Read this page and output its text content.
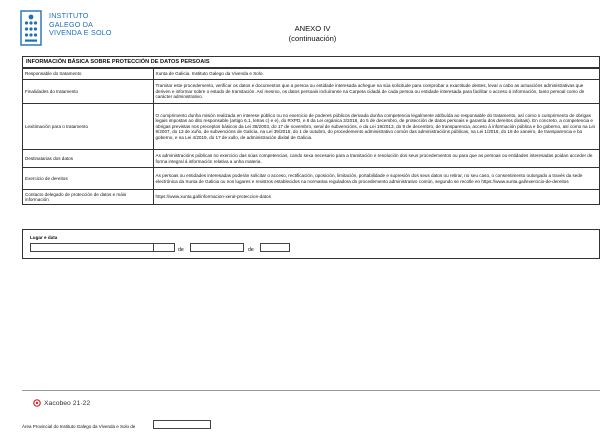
INSTITUTO
GALEGO DA
VIVENDA E SOLO	ANEXO IV
(continuación)
INFORMACIÓN BÁSICA SOBRE PROTECCIÓN DE DATOS PERSOAIS
Responsable do tratamento	Xunta de Galicia. Instituto Galego da Vivenda e Solo.
Finalidades do tratamento	Tramitar este procedemento, verificar os datos e documentos que a persoa ou entidade interesada achegue na súa solicitude para comprobar a exactitude destes, levar a cabo as actuacións administrativas que deriven e informar sobre o estado de tramitación. Así mesmo, os datos persoais incluíranse na Carpeta cidadá de cada persoa ou entidade interesada para facilitar o acceso á información, tanto persoal como de carácter administrativo.
Lexitimación para o tratamento	O cumprimento dunha misión realizada en interese público ou no exercicio de poderes públicos derivada dunha competencia legalmente atribuída ao responsable do tratamento, así como o cumprimento de obrigas legais impostas ao dito responsable (artigo 6.1, letras c) e e), do RXPD, e 8 da Lei orgánica 3/2018, do 5 de decembro, de protección de datos persoais e garantía dos dereitos dixitais). En concreto, a competencia e obrigas previstas nos preceptos básicos da Lei 38/2003, do 17 de novembro, xeral de subvencións, e da Lei 19/2013, do 9 de decembro, de transparencia, acceso á información pública e bo goberno, así como na Lei 9/2007, do 13 de xuño, de subvencións de Galicia, na Lei 39/2015, do 1 de outubro, do procedemento administrativo común das administracións públicas, na Lei 1/2016, do 18 de xaneiro, de transparencia e bo goberno, e na Lei 4/2019, do 17 de xullo, de administración dixital de Galicia.
Destinatarias dos datos	As administracións públicas no exercicio das súas competencias, cando sexa necesario para a tramitación e resolución dos seus procedementos ou para que as persoas ou entidades interesadas poidan acceder de forma integral á información relativa a unha materia.
Exercicio de dereitos	As persoas ou entidades interesadas poderán solicitar o acceso, rectificación, oposición, limitación, portabilidade e supresión dos seus datos ou retirar, no seu caso, o consentimento outorgado a través da sede electrónica da Xunta de Galicia ou nos lugares e rexistros establecidos na normativa reguladora do procedemento administrativo común, segundo se recolle en https://www.xunta.gal/exercicio-de-dereitos
Contacto delegado de protección de datos e máis información	https://www.xunta.gal/informacion-xeral-proteccion-datos
Lugar e data
de	de
Xacobeo 21·22
Área Provincial do Instituto Galego da Vivenda e Solo de
